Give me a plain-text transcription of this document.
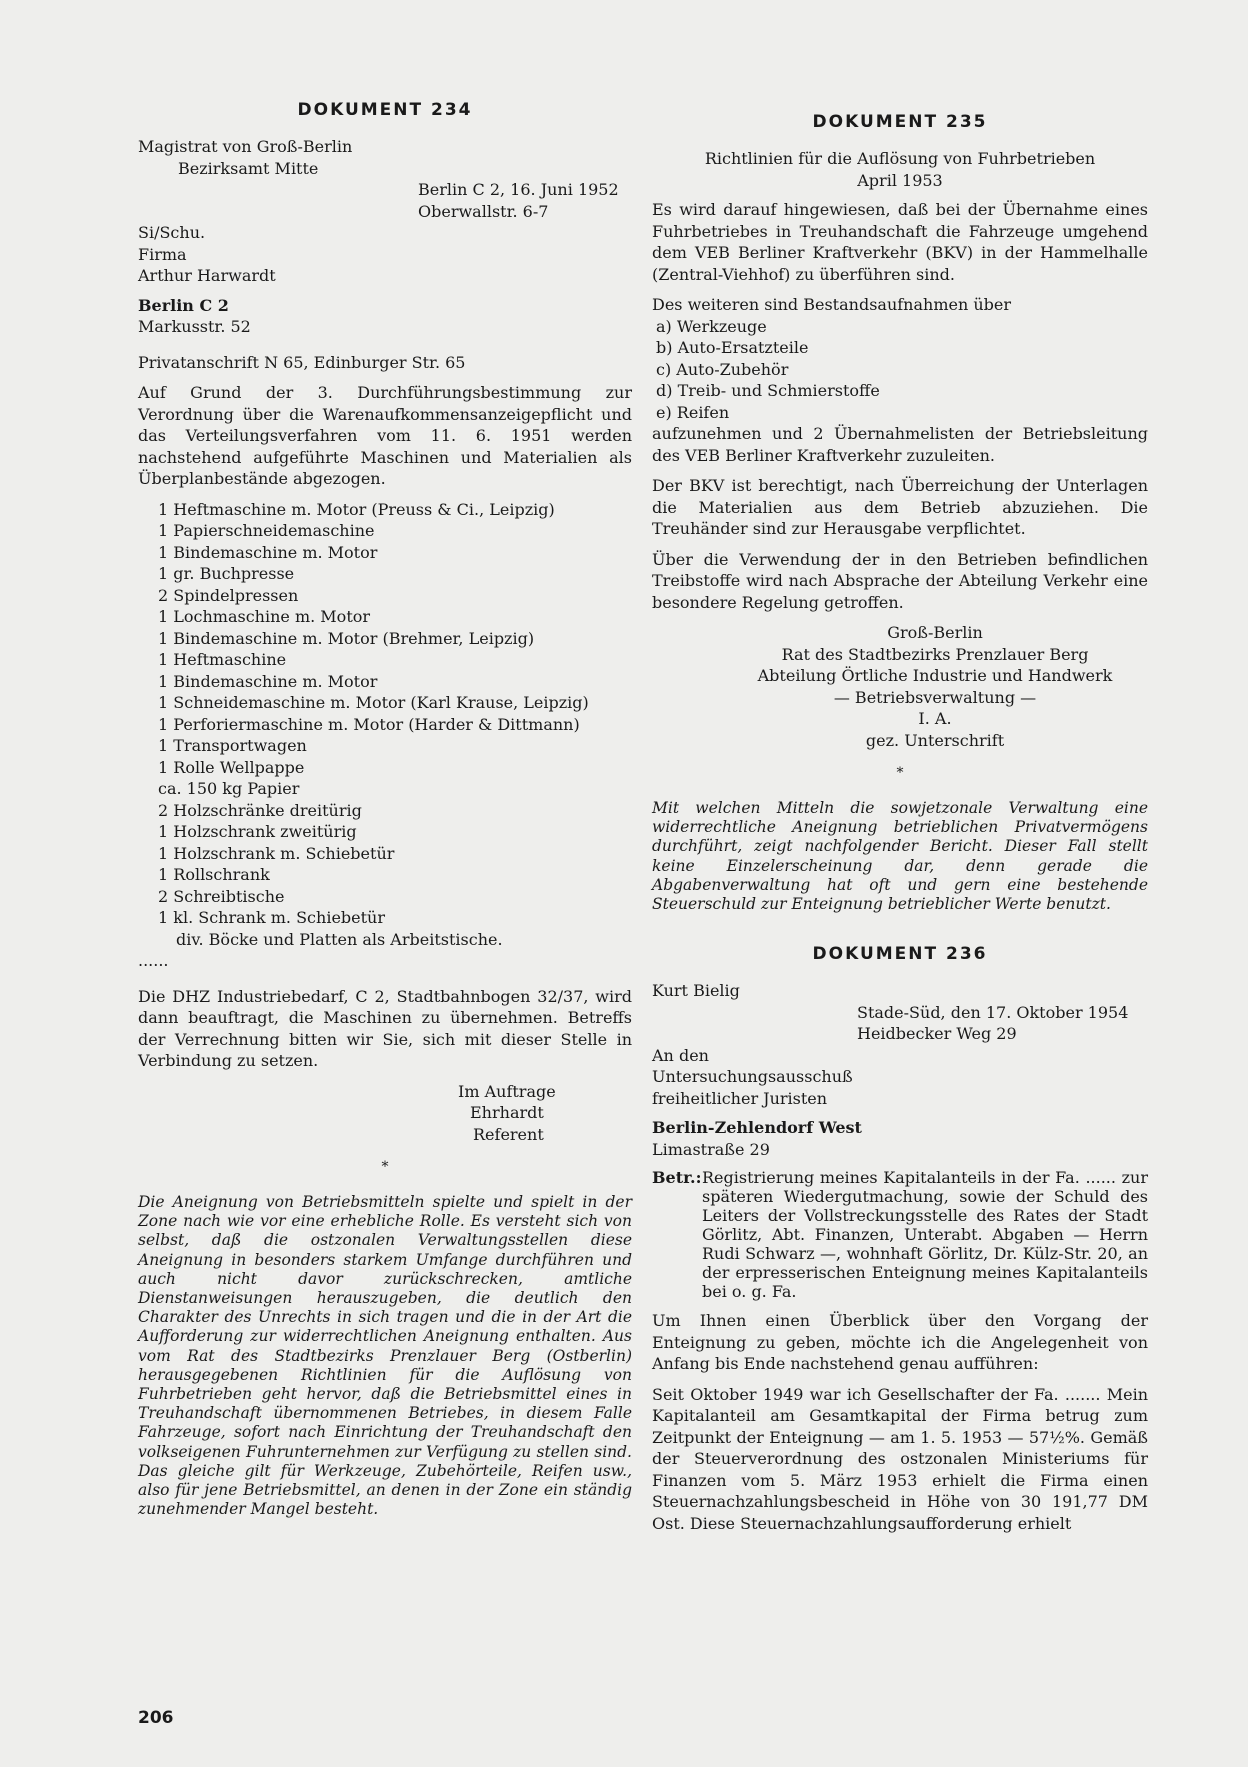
DOKUMENT 234

Magistrat von Groß-Berlin

Bezirksamt Mitte

Berlin C 2, 16. Juni 1952

Oberwallstr. 6-7

Si/Schu.

Firma

Arthur Harwardt

Berlin C 2

Markusstr. 52

Privatanschrift N 65, Edinburger Str. 65

Auf Grund der 3. Durchführungsbestimmung zur Verordnung über die Warenaufkommensanzeigepflicht und das Verteilungsverfahren vom 11. 6. 1951 werden nachstehend aufgeführte Maschinen und Materialien als Überplanbestände abgezogen.

1 Heftmaschine m. Motor (Preuss & Ci., Leipzig)

1 Papierschneidemaschine

1 Bindemaschine m. Motor

1 gr. Buchpresse

2 Spindelpressen

1 Lochmaschine m. Motor

1 Bindemaschine m. Motor (Brehmer, Leipzig)

1 Heftmaschine

1 Bindemaschine m. Motor

1 Schneidemaschine m. Motor (Karl Krause, Leipzig)

1 Perforiermaschine m. Motor (Harder & Dittmann)

1 Transportwagen

1 Rolle Wellpappe

ca. 150 kg Papier

2 Holzschränke dreitürig

1 Holzschrank zweitürig

1 Holzschrank m. Schiebetür

1 Rollschrank

2 Schreibtische

1 kl. Schrank m. Schiebetür

div. Böcke und Platten als Arbeitstische.

......

Die DHZ Industriebedarf, C 2, Stadtbahnbogen 32/37, wird dann beauftragt, die Maschinen zu übernehmen. Betreffs der Verrechnung bitten wir Sie, sich mit dieser Stelle in Verbindung zu setzen.

Im Auftrage

Ehrhardt

Referent

*

Die Aneignung von Betriebsmitteln spielte und spielt in der Zone nach wie vor eine erhebliche Rolle. Es versteht sich von selbst, daß die ostzonalen Verwaltungsstellen diese Aneignung in besonders starkem Umfange durchführen und auch nicht davor zurückschrecken, amtliche Dienstanweisungen herauszugeben, die deutlich den Charakter des Unrechts in sich tragen und die in der Art die Aufforderung zur widerrechtlichen Aneignung enthalten. Aus vom Rat des Stadtbezirks Prenzlauer Berg (Ostberlin) herausgegebenen Richtlinien für die Auflösung von Fuhrbetrieben geht hervor, daß die Betriebsmittel eines in Treuhandschaft übernommenen Betriebes, in diesem Falle Fahrzeuge, sofort nach Einrichtung der Treuhandschaft den volkseigenen Fuhrunternehmen zur Verfügung zu stellen sind. Das gleiche gilt für Werkzeuge, Zubehörteile, Reifen usw., also für jene Betriebsmittel, an denen in der Zone ein ständig zunehmender Mangel besteht.

DOKUMENT 235

Richtlinien für die Auflösung von Fuhrbetrieben

April 1953

Es wird darauf hingewiesen, daß bei der Übernahme eines Fuhrbetriebes in Treuhandschaft die Fahrzeuge umgehend dem VEB Berliner Kraftverkehr (BKV) in der Hammelhalle (Zentral-Viehhof) zu überführen sind.

Des weiteren sind Bestandsaufnahmen über

a) Werkzeuge

b) Auto-Ersatzteile

c) Auto-Zubehör

d) Treib- und Schmierstoffe

e) Reifen

aufzunehmen und 2 Übernahmelisten der Betriebsleitung des VEB Berliner Kraftverkehr zuzuleiten.

Der BKV ist berechtigt, nach Überreichung der Unterlagen die Materialien aus dem Betrieb abzuziehen. Die Treuhänder sind zur Herausgabe verpflichtet.

Über die Verwendung der in den Betrieben befindlichen Treibstoffe wird nach Absprache der Abteilung Verkehr eine besondere Regelung getroffen.

Groß-Berlin

Rat des Stadtbezirks Prenzlauer Berg

Abteilung Örtliche Industrie und Handwerk

— Betriebsverwaltung —

I. A.

gez. Unterschrift

*

Mit welchen Mitteln die sowjetzonale Verwaltung eine widerrechtliche Aneignung betrieblichen Privatvermögens durchführt, zeigt nachfolgender Bericht. Dieser Fall stellt keine Einzelerscheinung dar, denn gerade die Abgabenverwaltung hat oft und gern eine bestehende Steuerschuld zur Enteignung betrieblicher Werte benutzt.

DOKUMENT 236

Kurt Bielig

Stade-Süd, den 17. Oktober 1954

Heidbecker Weg 29

An den

Untersuchungsausschuß

freiheitlicher Juristen

Berlin-Zehlendorf West

Limastraße 29

Betr.: Registrierung meines Kapitalanteils in der Fa. ...... zur späteren Wiedergutmachung, sowie der Schuld des Leiters der Vollstreckungsstelle des Rates der Stadt Görlitz, Abt. Finanzen, Unterabt. Abgaben — Herrn Rudi Schwarz —, wohnhaft Görlitz, Dr. Külz-Str. 20, an der erpresserischen Enteignung meines Kapitalanteils bei o. g. Fa.

Um Ihnen einen Überblick über den Vorgang der Enteignung zu geben, möchte ich die Angelegenheit von Anfang bis Ende nachstehend genau aufführen:

Seit Oktober 1949 war ich Gesellschafter der Fa. ....... Mein Kapitalanteil am Gesamtkapital der Firma betrug zum Zeitpunkt der Enteignung — am 1. 5. 1953 — 57½%. Gemäß der Steuerverordnung des ostzonalen Ministeriums für Finanzen vom 5. März 1953 erhielt die Firma einen Steuernachzahlungsbescheid in Höhe von 30 191,77 DM Ost. Diese Steuernachzahlungsaufforderung erhielt

206
